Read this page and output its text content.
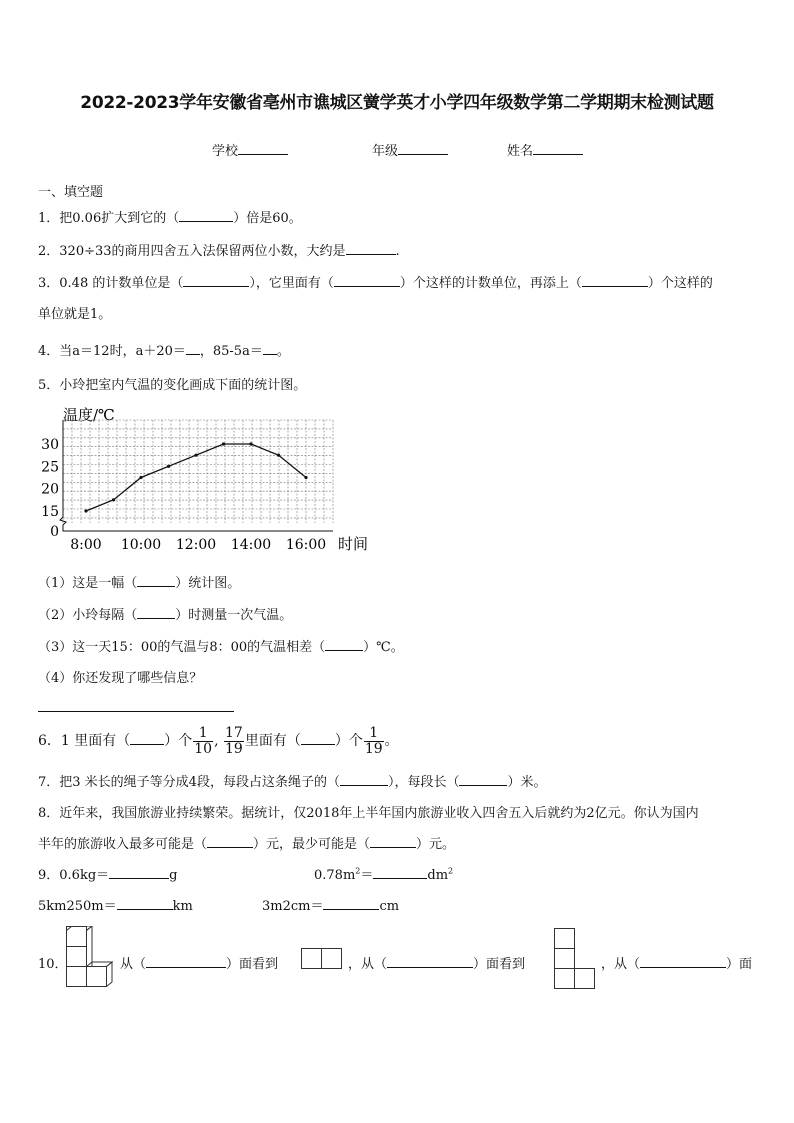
2022-2023学年安徽省亳州市谯城区黉学英才小学四年级数学第二学期期末检测试题
学校	年级	姓名
一、填空题
1．把0.06扩大到它的（	）倍是60。
2．320÷33的商用四舍五入法保留两位小数，大约是	.
3．0.48 的计数单位是（	），它里面有（	）个这样的计数单位，再添上（	）个这样的
单位就是1。
4．当a＝12时，a＋20＝ ，85-5a＝ 。
5．小玲把室内气温的变化画成下面的统计图。
温度/℃
0
15
20
25
30
8:00 10:00 12:00 14:00 16:00 时间
（1）这是一幅（	）统计图。
（2）小玲每隔（	）时测量一次气温。
（3）这一天15：00的气温与8：00的气温相差（	）℃。
（4）你还发现了哪些信息？
6．1 里面有（ ）个 $\frac{1}{10}$ , $\frac{17}{19}$ 里面有（ ）个 $\frac{1}{19}$ 。
7．把3 米长的绳子等分成4段，每段占这条绳子的（	），每段长（	）米。
8．近年来，我国旅游业持续繁荣。据统计，仅2018年上半年国内旅游业收入四舍五入后就约为2亿元。你认为国内
半年的旅游收入最多可能是（	）元，最少可能是（	）元。
9．0.6kg＝	g	$0.78m^2=$	$dm^2$
5km250m＝	km	3m2cm＝	cm
10．	从（	）面看到	，从（	）面看到	，从（	）面
